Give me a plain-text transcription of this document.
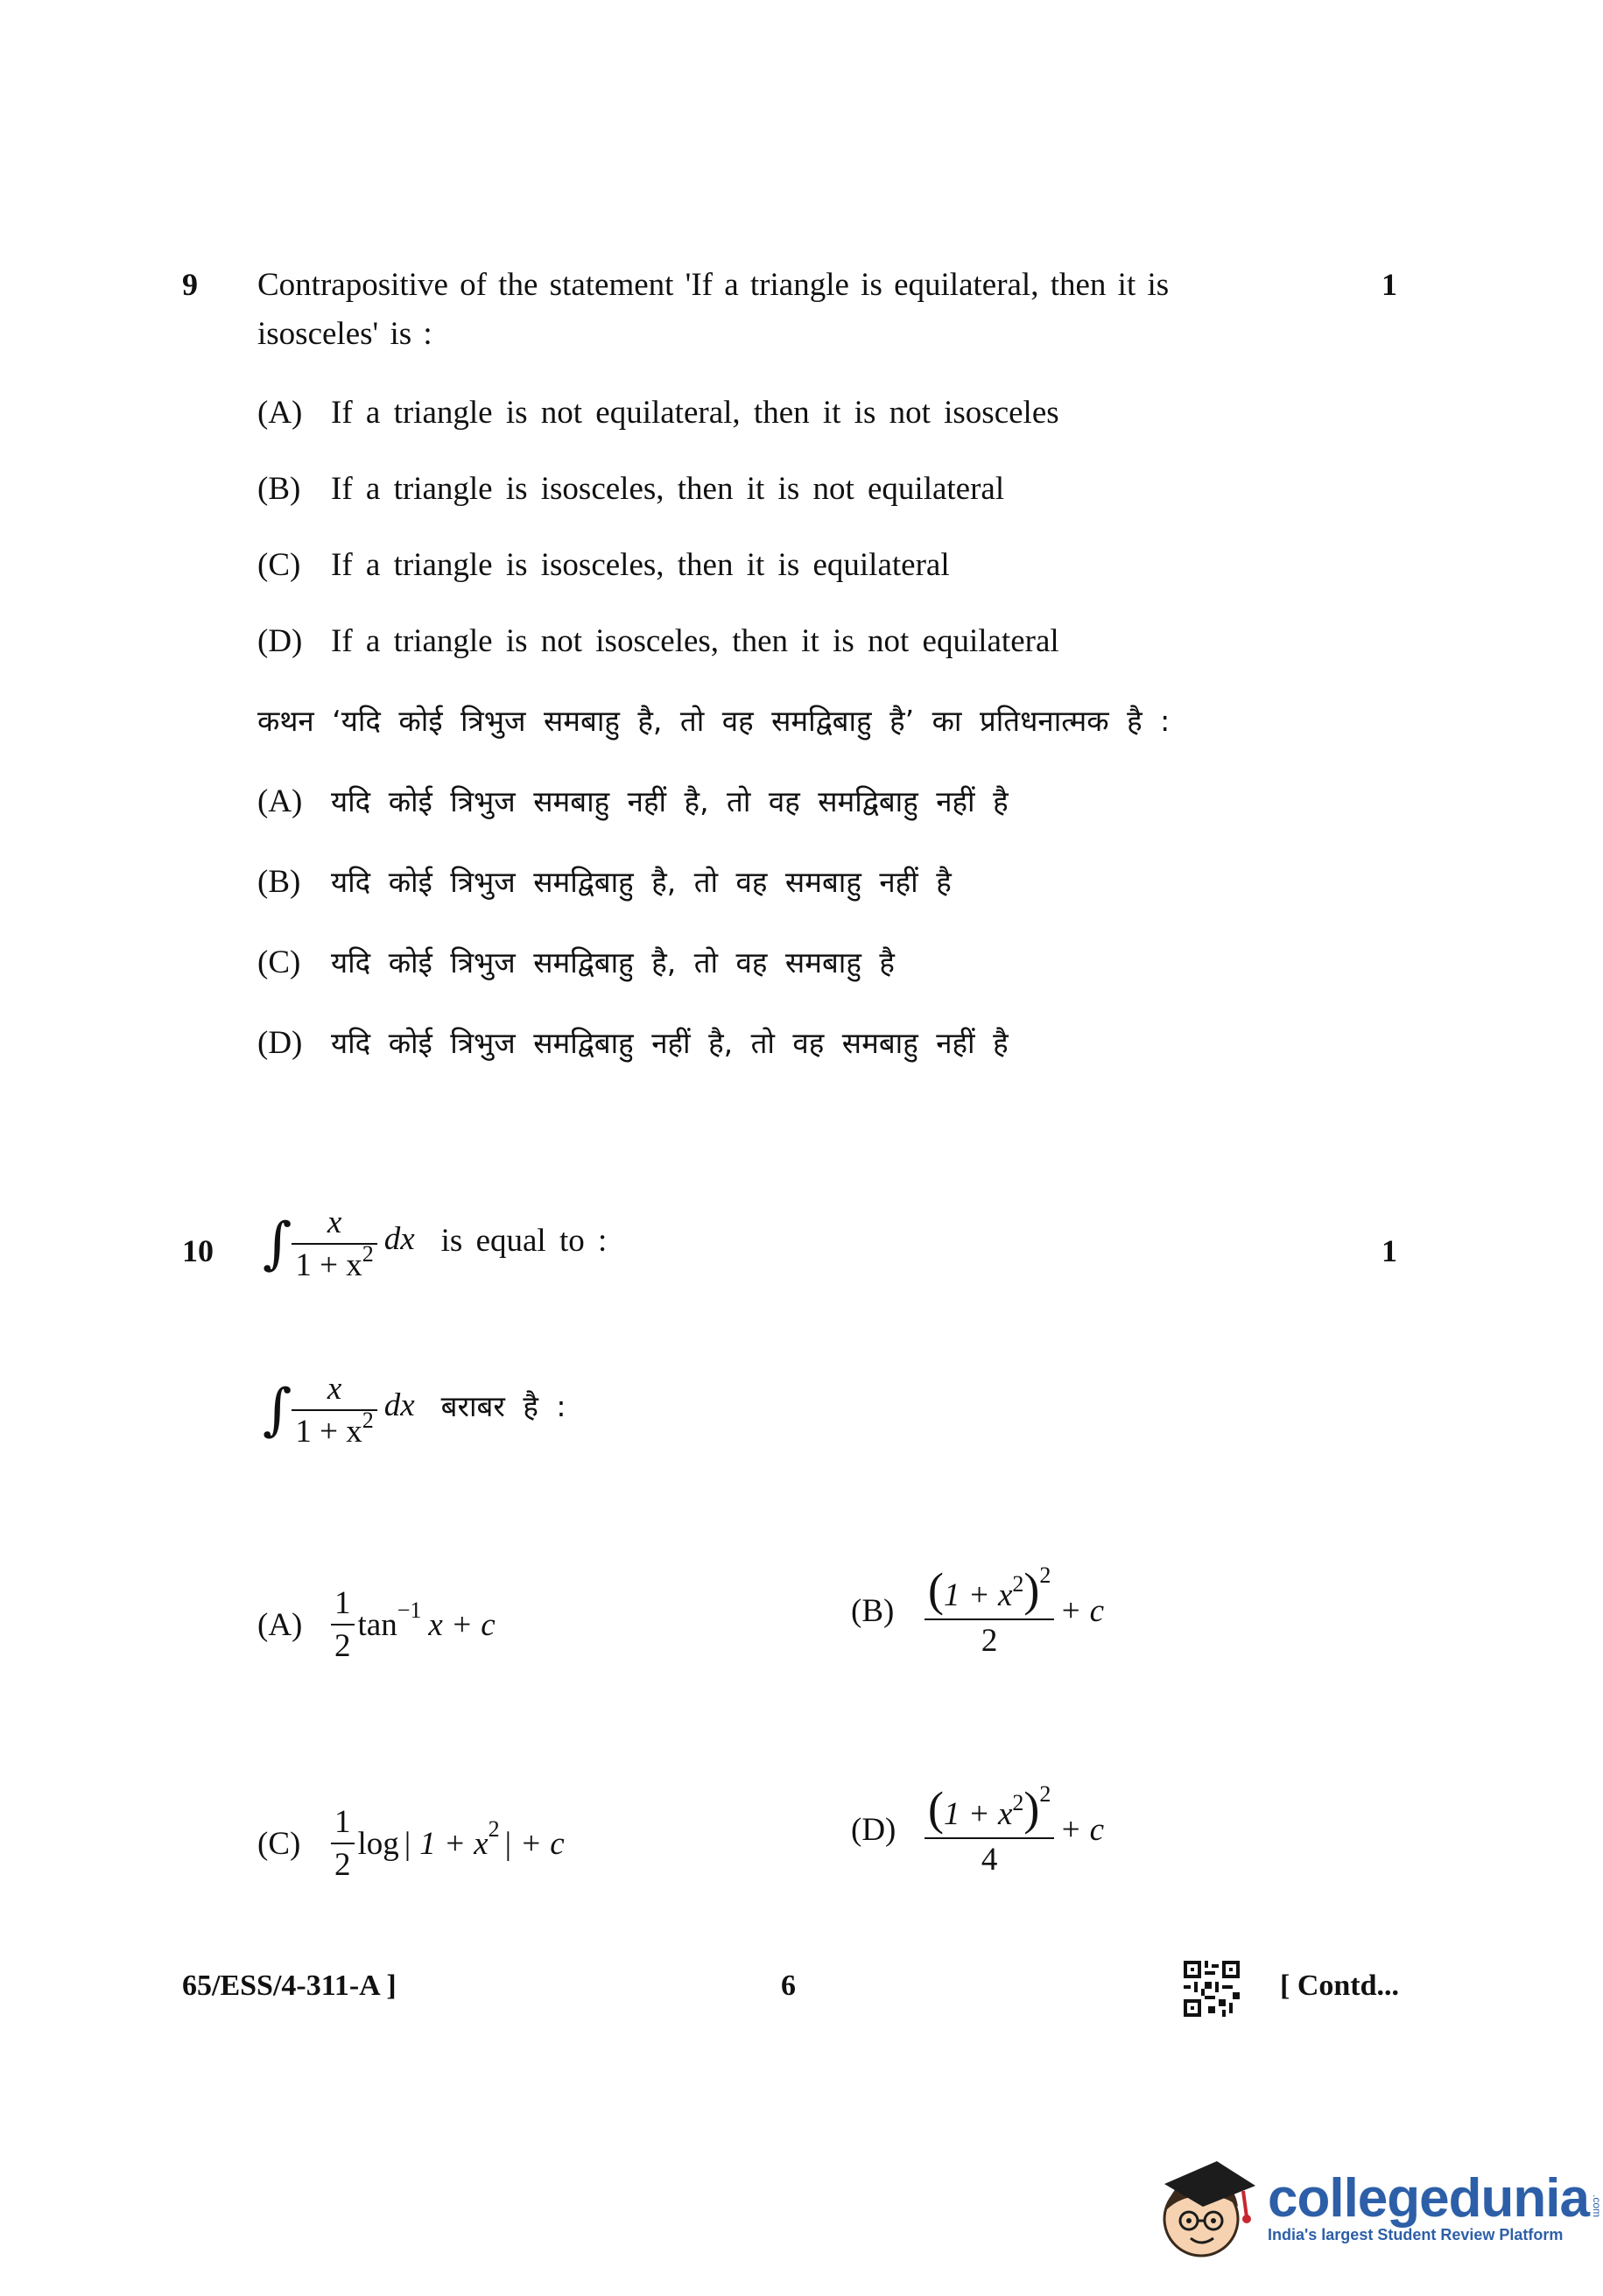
9	1
Contrapositive of the statement 'If a triangle is equilateral, then it is
isosceles' is :
(A) If a triangle is not equilateral, then it is not isosceles
(B) If a triangle is isosceles, then it is not equilateral
(C) If a triangle is isosceles, then it is equilateral
(D) If a triangle is not isosceles, then it is not equilateral
कथन ‘यदि कोई त्रिभुज समबाहु है, तो वह समद्विबाहु है’ का प्रतिधनात्मक है :
(A) यदि कोई त्रिभुज समबाहु नहीं है, तो वह समद्विबाहु नहीं है
(B) यदि कोई त्रिभुज समद्विबाहु है, तो वह समबाहु नहीं है
(C) यदि कोई त्रिभुज समद्विबाहु है, तो वह समबाहु है
(D) यदि कोई त्रिभुज समद्विबाहु नहीं है, तो वह समबाहु नहीं है
10	1
∫ $\frac{x}{1 + x^2}$ dx is equal to :
∫ $\frac{x}{1 + x^2}$ dx बराबर है :
$(A) \frac{1}{2}$ tan −1 x + c	$(B) \frac{(1 + x^2)^2}{2} + c$
$(C) \frac{1}{2}$ log | 1 + x 2 | + c	$(D) \frac{(1 + x^2)^2}{4} + c$
65/ESS/4-311-A ]	6	[ Contd...
collegedunia .com
India's largest Student Review Platform
